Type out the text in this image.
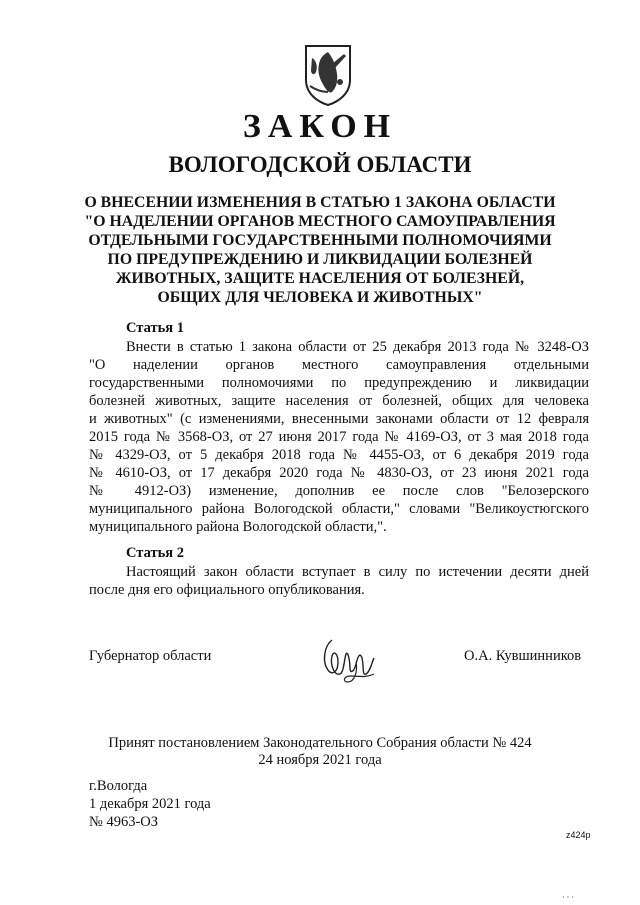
ЗАКОН
ВОЛОГОДСКОЙ ОБЛАСТИ
О ВНЕСЕНИИ ИЗМЕНЕНИЯ В СТАТЬЮ 1 ЗАКОНА ОБЛАСТИ
"О НАДЕЛЕНИИ ОРГАНОВ МЕСТНОГО САМОУПРАВЛЕНИЯ
ОТДЕЛЬНЫМИ ГОСУДАРСТВЕННЫМИ ПОЛНОМОЧИЯМИ
ПО ПРЕДУПРЕЖДЕНИЮ И ЛИКВИДАЦИИ БОЛЕЗНЕЙ
ЖИВОТНЫХ, ЗАЩИТЕ НАСЕЛЕНИЯ ОТ БОЛЕЗНЕЙ,
ОБЩИХ ДЛЯ ЧЕЛОВЕКА И ЖИВОТНЫХ"
Статья 1
Внести в статью 1 закона области от 25 декабря 2013 года № 3248-ОЗ
"О наделении органов местного самоуправления отдельными
государственными полномочиями по предупреждению и ликвидации
болезней животных, защите населения от болезней, общих для человека
и животных" (с изменениями, внесенными законами области от 12 февраля
2015 года № 3568-ОЗ, от 27 июня 2017 года № 4169-ОЗ, от 3 мая 2018 года
№ 4329-ОЗ, от 5 декабря 2018 года № 4455-ОЗ, от 6 декабря 2019 года
№ 4610-ОЗ, от 17 декабря 2020 года № 4830-ОЗ, от 23 июня 2021 года
№ 4912-ОЗ) изменение, дополнив ее после слов "Белозерского
муниципального района Вологодской области," словами "Великоустюгского
муниципального района Вологодской области,".
Статья 2
Настоящий закон области вступает в силу по истечении десяти дней
после дня его официального опубликования.
Губернатор области	О.А. Кувшинников
Принят постановлением Законодательного Собрания области № 424
24 ноября 2021 года
г.Вологда
1 декабря 2021 года
№ 4963-ОЗ
z424p
· · ·
